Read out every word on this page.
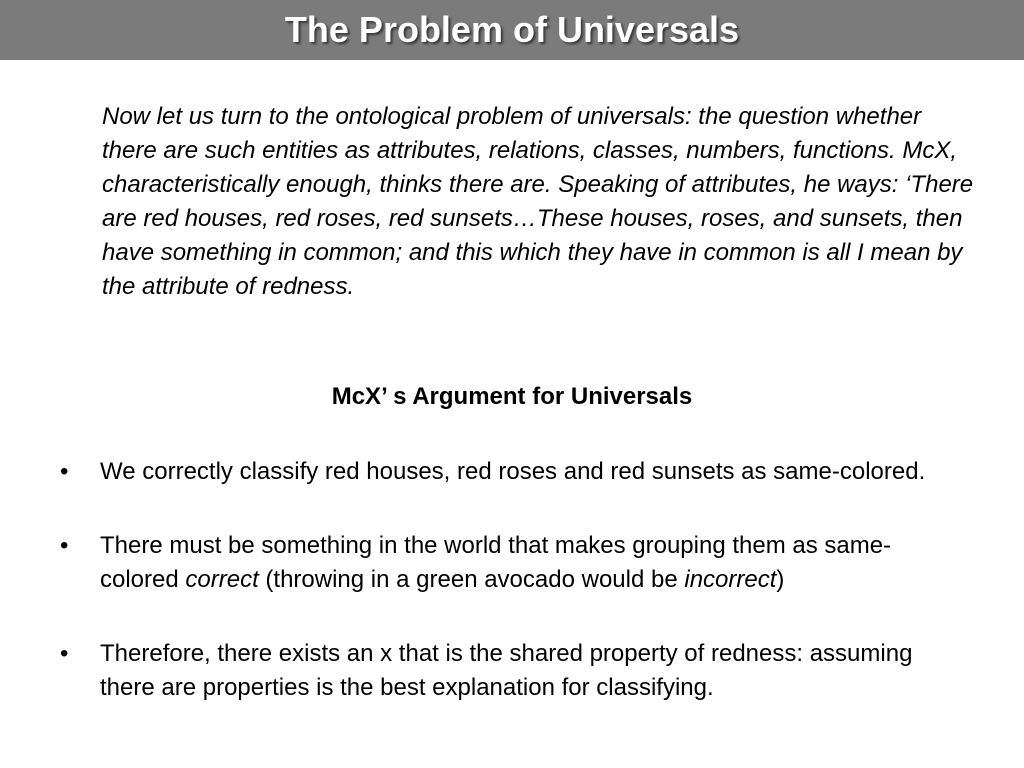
The Problem of Universals

Now let us turn to the ontological problem of universals: the question whether there are such entities as attributes, relations, classes, numbers, functions. McX, characteristically enough, thinks there are. Speaking of attributes, he ways: ‘There are red houses, red roses, red sunsets…These houses, roses, and sunsets, then have something in common; and this which they have in common is all I mean by the attribute of redness.

McX’ s Argument for Universals
• We correctly classify red houses, red roses and red sunsets as same-colored.
• There must be something in the world that makes grouping them as same-colored correct (throwing in a green avocado would be incorrect)
• Therefore, there exists an x that is the shared property of redness: assuming there are properties is the best explanation for classifying.
